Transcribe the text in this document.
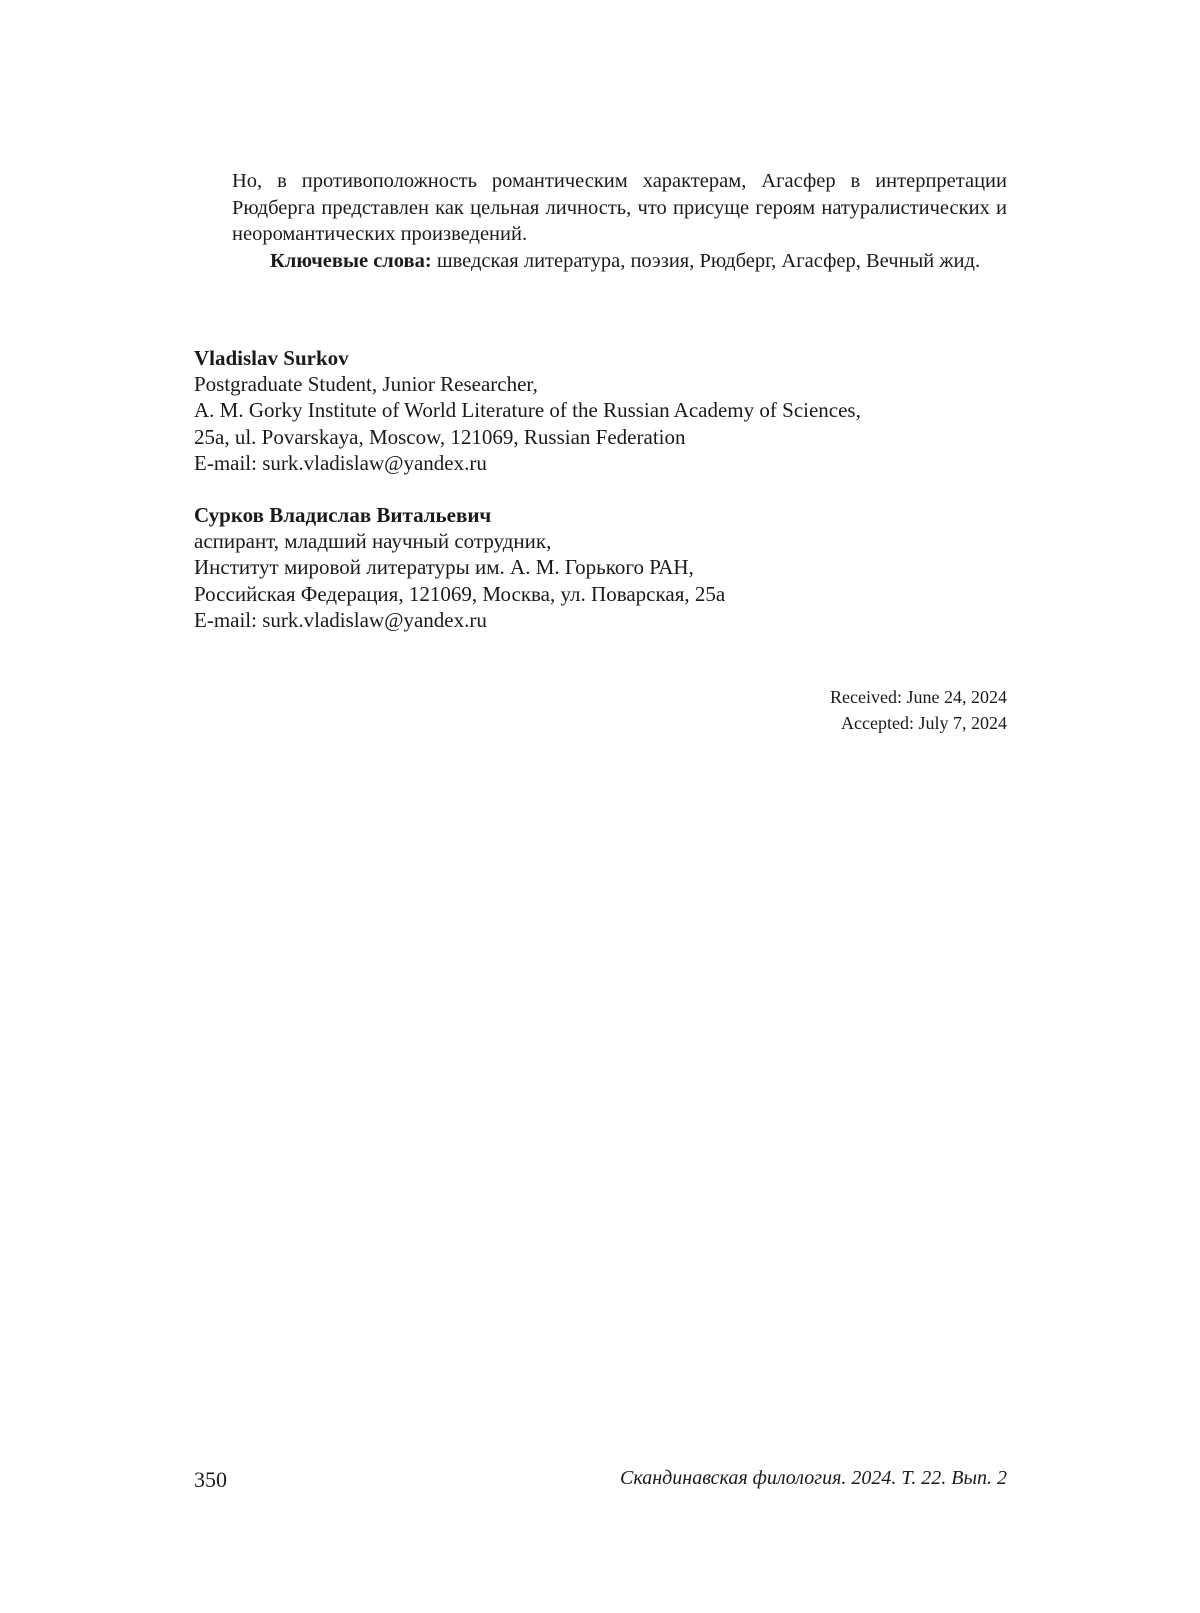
Но, в противоположность романтическим характерам, Агасфер в интерпретации Рюдберга представлен как цельная личность, что присуще героям натуралистических и неоромантических произведений.

Ключевые слова: шведская литература, поэзия, Рюдберг, Агасфер, Вечный жид.

Vladislav Surkov
Postgraduate Student, Junior Researcher,
A. M. Gorky Institute of World Literature of the Russian Academy of Sciences,
25a, ul. Povarskaya, Moscow, 121069, Russian Federation
E-mail: surk.vladislaw@yandex.ru
Сурков Владислав Витальевич
аспирант, младший научный сотрудник,
Институт мировой литературы им. А. М. Горького РАН,
Российская Федерация, 121069, Москва, ул. Поварская, 25а
E-mail: surk.vladislaw@yandex.ru
Received: June 24, 2024
Accepted: July 7, 2024
350	Скандинавская филология. 2024. Т. 22. Вып. 2
